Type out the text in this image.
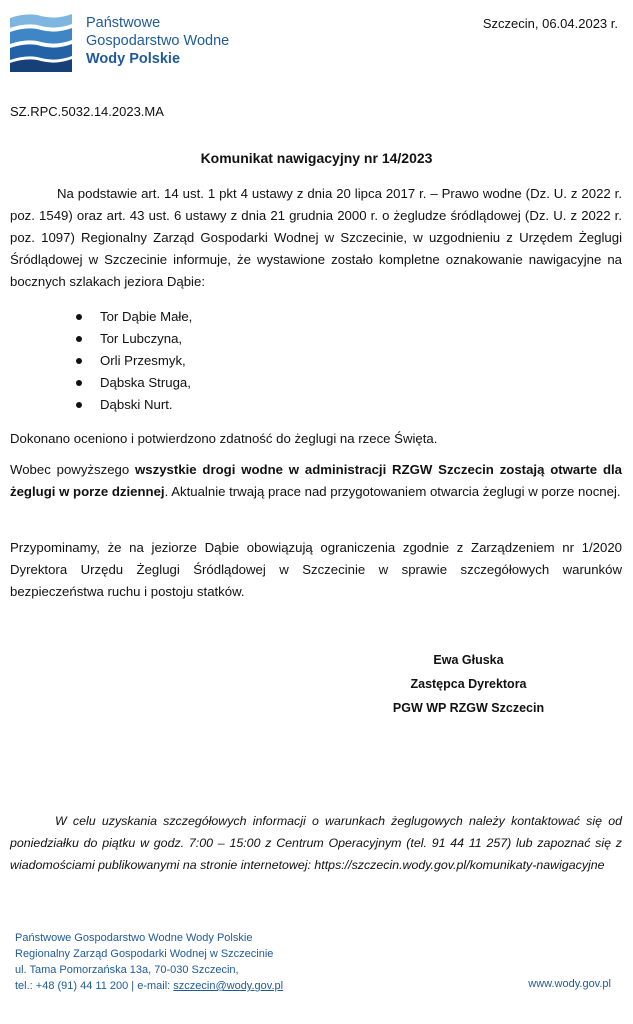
Państwowe
Gospodarstwo Wodne
Wody Polskie
Szczecin, 06.04.2023 r.
SZ.RPC.5032.14.2023.MA
Komunikat nawigacyjny nr 14/2023
Na podstawie art. 14 ust. 1 pkt 4 ustawy z dnia 20 lipca 2017 r. – Prawo wodne (Dz. U. z 2022 r. poz. 1549) oraz art. 43 ust. 6 ustawy z dnia 21 grudnia 2000 r. o żegludze śródlądowej (Dz. U. z 2022 r. poz. 1097) Regionalny Zarząd Gospodarki Wodnej w Szczecinie, w uzgodnieniu z Urzędem Żeglugi Śródlądowej w Szczecinie informuje, że wystawione zostało kompletne oznakowanie nawigacyjne na bocznych szlakach jeziora Dąbie:
Tor Dąbie Małe,
Tor Lubczyna,
Orli Przesmyk,
Dąbska Struga,
Dąbski Nurt.
Dokonano oceniono i potwierdzono zdatność do żeglugi na rzece Święta.
Wobec powyższego wszystkie drogi wodne w administracji RZGW Szczecin zostają otwarte dla żeglugi w porze dziennej. Aktualnie trwają prace nad przygotowaniem otwarcia żeglugi w porze nocnej.
Przypominamy, że na jeziorze Dąbie obowiązują ograniczenia zgodnie z Zarządzeniem nr 1/2020 Dyrektora Urzędu Żeglugi Śródlądowej w Szczecinie w sprawie szczegółowych warunków bezpieczeństwa ruchu i postoju statków.
Ewa Głuska
Zastępca Dyrektora
PGW WP RZGW Szczecin
W celu uzyskania szczegółowych informacji o warunkach żeglugowych należy kontaktować się od poniedziałku do piątku w godz. 7:00 – 15:00 z Centrum Operacyjnym (tel. 91 44 11 257) lub zapoznać się z wiadomościami publikowanymi na stronie internetowej: https://szczecin.wody.gov.pl/komunikaty-nawigacyjne
Państwowe Gospodarstwo Wodne Wody Polskie
Regionalny Zarząd Gospodarki Wodnej w Szczecinie
ul. Tama Pomorzańska 13a, 70-030 Szczecin,
tel.: +48 (91) 44 11 200 | e-mail: szczecin@wody.gov.pl	www.wody.gov.pl
